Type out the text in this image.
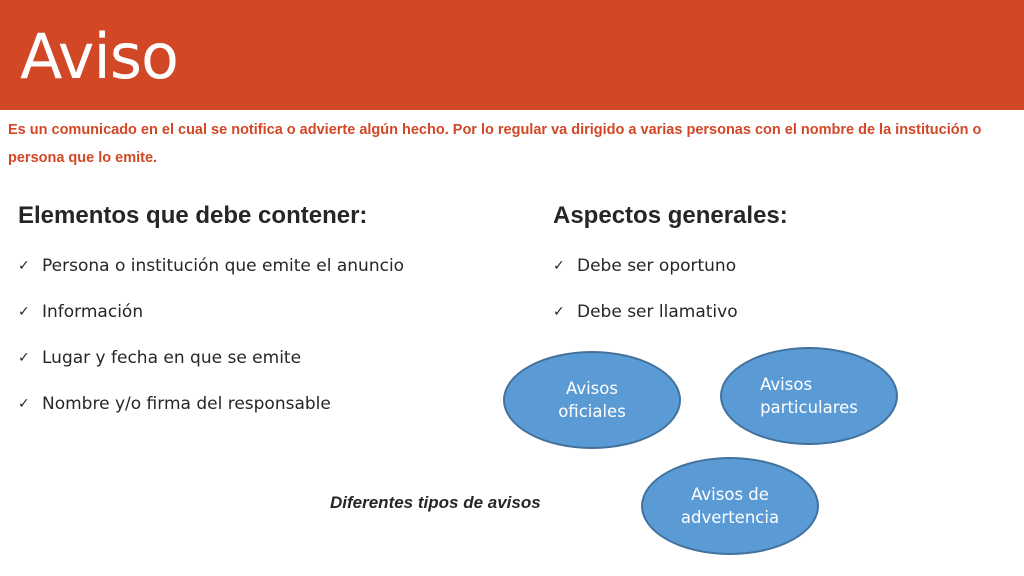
Aviso

Es un comunicado en el cual se notifica o advierte algún hecho. Por lo regular va dirigido a varias personas con el nombre de la institución o persona que lo emite.

Elementos que debe contener:
✓ Persona o institución que emite el anuncio
✓ Información
✓ Lugar y fecha en que se emite
✓ Nombre y/o firma del responsable
Aspectos generales:
✓ Debe ser oportuno
✓ Debe ser llamativo
Avisos
oficiales
Avisos
particulares
Avisos de
advertencia

Diferentes tipos de avisos
